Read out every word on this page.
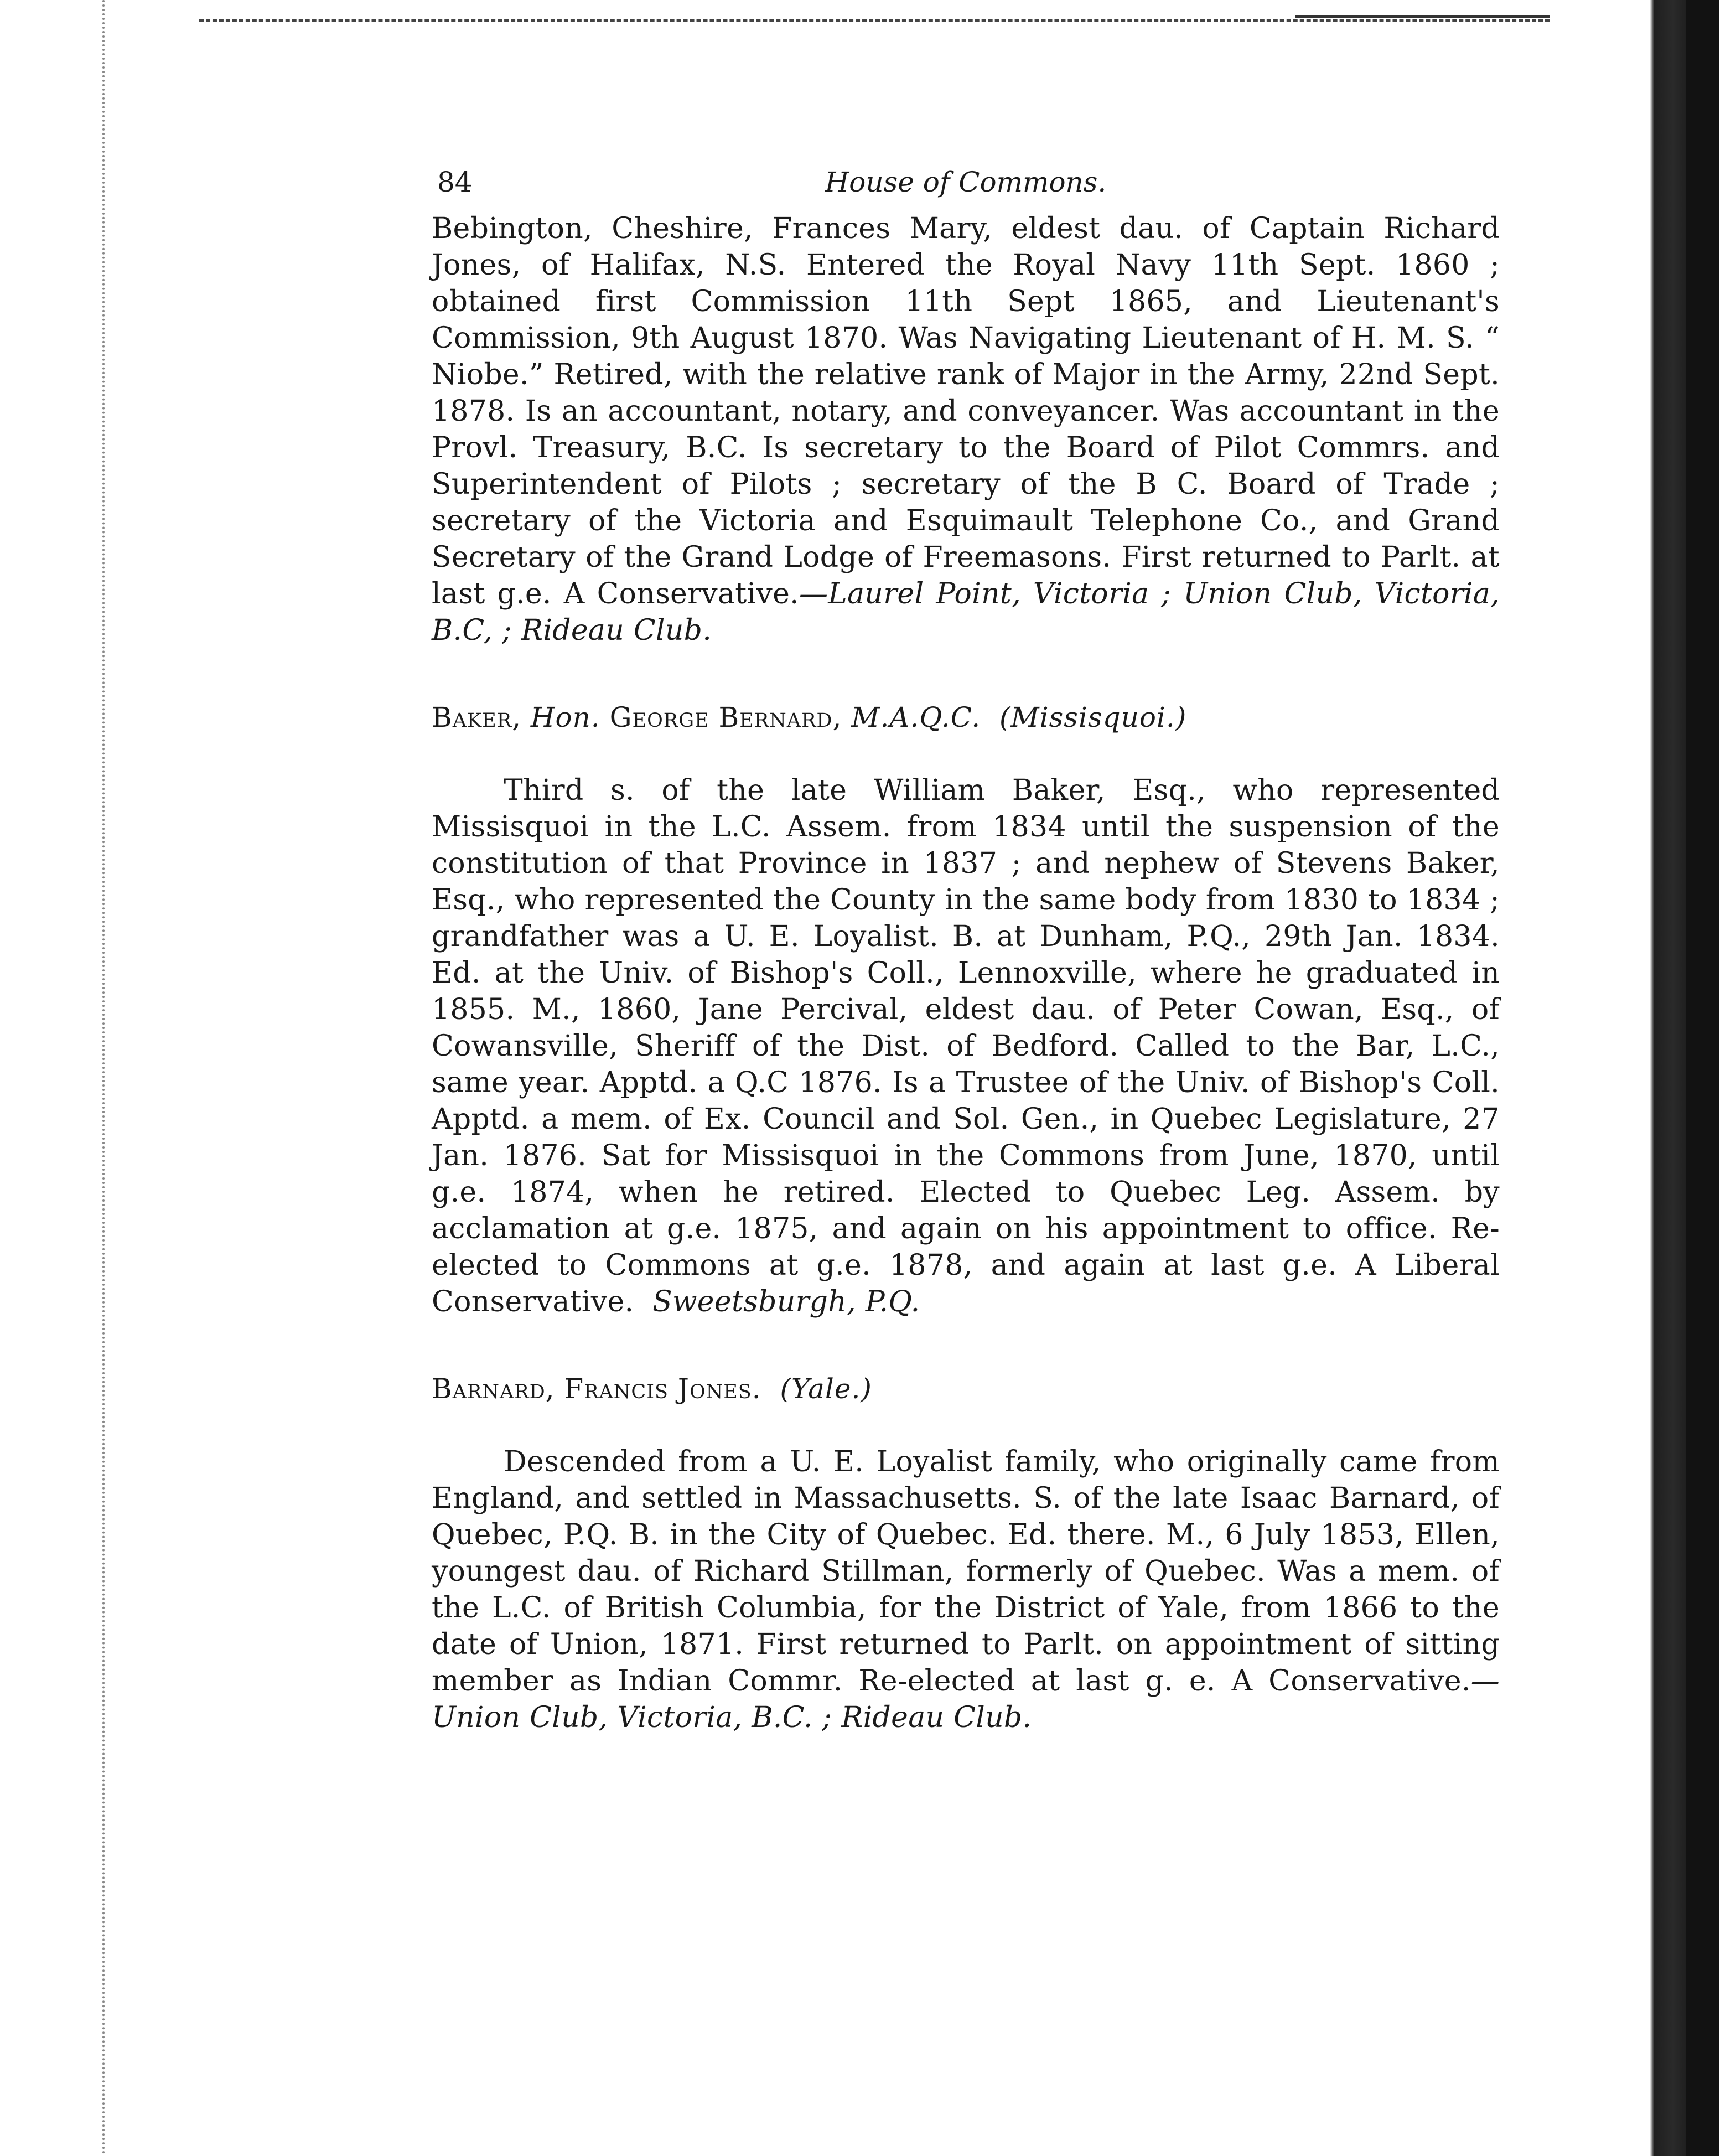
84	House of Commons.

Bebington, Cheshire, Frances Mary, eldest dau. of Captain Richard Jones, of Halifax, N.S. Entered the Royal Navy 11th Sept. 1860 ; obtained first Commission 11th Sept 1865, and Lieutenant's Commission, 9th August 1870. Was Navigating Lieutenant of H. M. S. “ Niobe.” Retired, with the relative rank of Major in the Army, 22nd Sept. 1878. Is an accountant, notary, and conveyancer. Was accountant in the Provl. Treasury, B.C. Is secretary to the Board of Pilot Commrs. and Superintendent of Pilots ; secretary of the B C. Board of Trade ; secretary of the Victoria and Esquimault Telephone Co., and Grand Secretary of the Grand Lodge of Freemasons. First returned to Parlt. at last g.e. A Conservative.—Laurel Point, Victoria ; Union Club, Victoria, B.C, ; Rideau Club.

Baker, Hon. George Bernard, M.A.Q.C. (Missisquoi.)

Third s. of the late William Baker, Esq., who represented Missisquoi in the L.C. Assem. from 1834 until the suspension of the constitution of that Province in 1837 ; and nephew of Stevens Baker, Esq., who represented the County in the same body from 1830 to 1834 ; grandfather was a U. E. Loyalist. B. at Dunham, P.Q., 29th Jan. 1834. Ed. at the Univ. of Bishop's Coll., Lennoxville, where he graduated in 1855. M., 1860, Jane Percival, eldest dau. of Peter Cowan, Esq., of Cowansville, Sheriff of the Dist. of Bedford. Called to the Bar, L.C., same year. Apptd. a Q.C 1876. Is a Trustee of the Univ. of Bishop's Coll. Apptd. a mem. of Ex. Council and Sol. Gen., in Quebec Legislature, 27 Jan. 1876. Sat for Missisquoi in the Commons from June, 1870, until g.e. 1874, when he retired. Elected to Quebec Leg. Assem. by acclamation at g.e. 1875, and again on his appointment to office. Re-elected to Commons at g.e. 1878, and again at last g.e. A Liberal Conservative. Sweetsburgh, P.Q.

Barnard, Francis Jones. (Yale.)

Descended from a U. E. Loyalist family, who originally came from England, and settled in Massachusetts. S. of the late Isaac Barnard, of Quebec, P.Q. B. in the City of Quebec. Ed. there. M., 6 July 1853, Ellen, youngest dau. of Richard Stillman, formerly of Quebec. Was a mem. of the L.C. of British Columbia, for the District of Yale, from 1866 to the date of Union, 1871. First returned to Parlt. on appointment of sitting member as Indian Commr. Re-elected at last g. e. A Conservative.—Union Club, Victoria, B.C. ; Rideau Club.
